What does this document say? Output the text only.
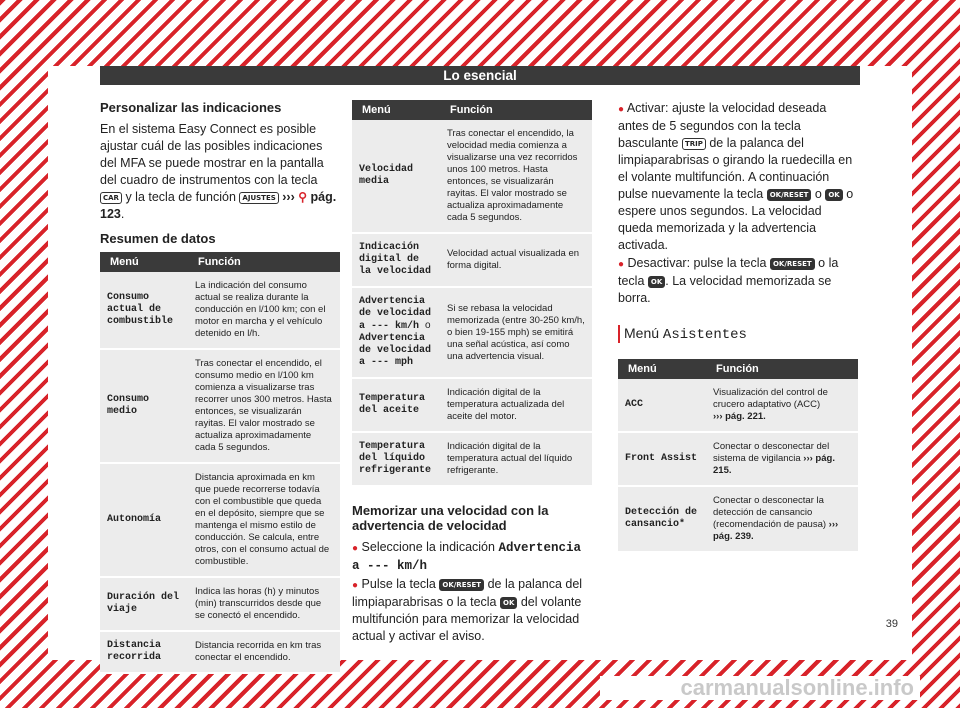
Lo esencial
Personalizar las indicaciones

En el sistema Easy Connect es posible ajustar cuál de las posibles indicaciones del MFA se puede mostrar en la pantalla del cuadro de instrumentos con la tecla CAR y la tecla de función AJUSTES ››› ⚲ pág. 123.

Resumen de datos
Menú	Función
Consumo actual de combustible	La indicación del consumo actual se realiza durante la conducción en l/100 km; con el motor en marcha y el vehículo detenido en l/h.
Consumo medio	Tras conectar el encendido, el consumo medio en l/100 km comienza a visualizarse tras recorrer unos 300 metros. Hasta entonces, se visualizarán rayitas. El valor mostrado se actualiza aproximadamente cada 5 segundos.
Autonomía	Distancia aproximada en km que puede recorrerse todavía con el combustible que queda en el depósito, siempre que se mantenga el mismo estilo de conducción. Se calcula, entre otros, con el consumo actual de combustible.
Duración del viaje	Indica las horas (h) y minutos (min) transcurridos desde que se conectó el encendido.
Distancia recorrida	Distancia recorrida en km tras conectar el encendido.
Menú	Función
Velocidad media	Tras conectar el encendido, la velocidad media comienza a visualizarse una vez recorridos unos 100 metros. Hasta entonces, se visualizarán rayitas. El valor mostrado se actualiza aproximadamente cada 5 segundos.
Indicación digital de la velocidad	Velocidad actual visualizada en forma digital.
Advertencia de velocidad a --- km/h o Advertencia de velocidad a --- mph	Si se rebasa la velocidad memorizada (entre 30-250 km/h, o bien 19-155 mph) se emitirá una señal acústica, así como una advertencia visual.
Temperatura del aceite	Indicación digital de la temperatura actualizada del aceite del motor.
Temperatura del líquido refrigerante	Indicación digital de la temperatura actual del líquido refrigerante.
Memorizar una velocidad con la advertencia de velocidad

● Seleccione la indicación Advertencia a --- km/h

● Pulse la tecla OK/RESET de la palanca del limpiaparabrisas o la tecla OK del volante multifunción para memorizar la velocidad actual y activar el aviso.

● Activar: ajuste la velocidad deseada antes de 5 segundos con la tecla basculante TRIP de la palanca del limpiaparabrisas o girando la ruedecilla en el volante multifunción. A continuación pulse nuevamente la tecla OK/RESET o OK o espere unos segundos. La velocidad queda memorizada y la advertencia activada.

● Desactivar: pulse la tecla OK/RESET o la tecla OK . La velocidad memorizada se borra.

Menú Asistentes
Menú	Función
ACC	Visualización del control de crucero adaptativo (ACC)
››› pág. 221.
Front Assist	Conectar o desconectar del sistema de vigilancia ››› pág. 215.
Detección de cansancio*	Conectar o desconectar la detección de cansancio (recomendación de pausa) ››› pág. 239.
39
carmanualsonline.info
